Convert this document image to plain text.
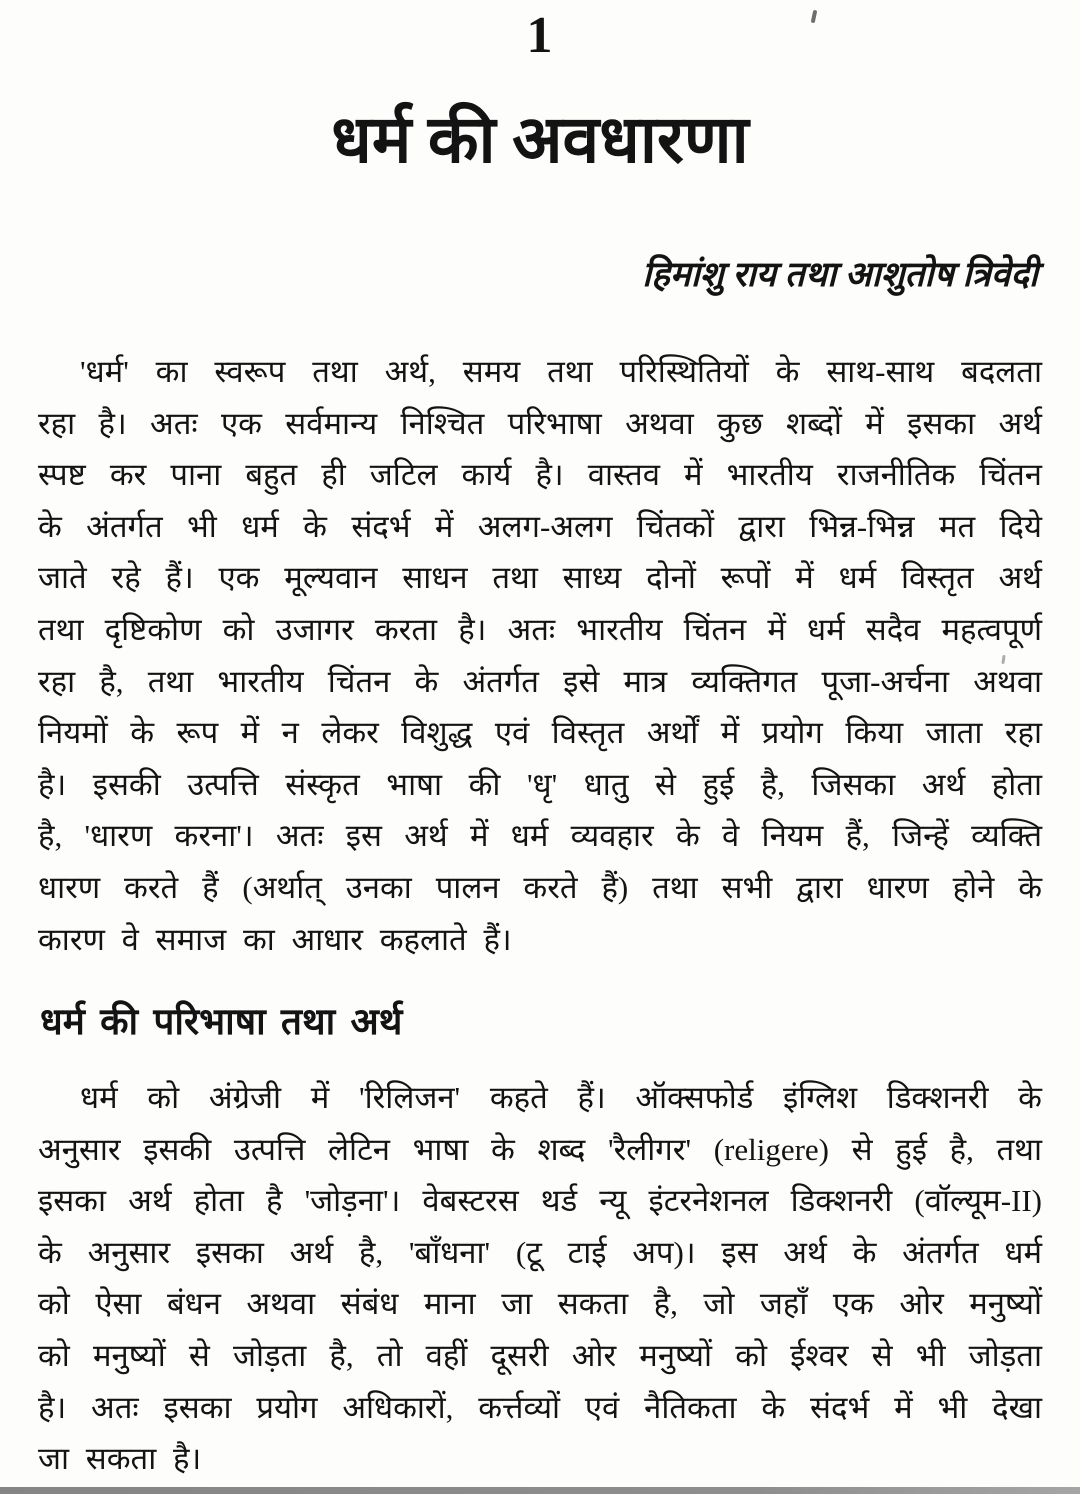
1
धर्म की अवधारणा
हिमांशु राय तथा आशुतोष त्रिवेदी
'धर्म' का स्वरूप तथा अर्थ, समय तथा परिस्थितियों के साथ-साथ बदलता
रहा है। अतः एक सर्वमान्य निश्चित परिभाषा अथवा कुछ शब्दों में इसका अर्थ
स्पष्ट कर पाना बहुत ही जटिल कार्य है। वास्तव में भारतीय राजनीतिक चिंतन
के अंतर्गत भी धर्म के संदर्भ में अलग-अलग चिंतकों द्वारा भिन्न-भिन्न मत दिये
जाते रहे हैं। एक मूल्यवान साधन तथा साध्य दोनों रूपों में धर्म विस्तृत अर्थ
तथा दृष्टिकोण को उजागर करता है। अतः भारतीय चिंतन में धर्म सदैव महत्वपूर्ण
रहा है, तथा भारतीय चिंतन के अंतर्गत इसे मात्र व्यक्तिगत पूजा-अर्चना अथवा
नियमों के रूप में न लेकर विशुद्ध एवं विस्तृत अर्थों में प्रयोग किया जाता रहा
है। इसकी उत्पत्ति संस्कृत भाषा की 'धृ' धातु से हुई है, जिसका अर्थ होता
है, 'धारण करना'। अतः इस अर्थ में धर्म व्यवहार के वे नियम हैं, जिन्हें व्यक्ति
धारण करते हैं (अर्थात् उनका पालन करते हैं) तथा सभी द्वारा धारण होने के
कारण वे समाज का आधार कहलाते हैं।
धर्म की परिभाषा तथा अर्थ
धर्म को अंग्रेजी में 'रिलिजन' कहते हैं। ऑक्सफोर्ड इंग्लिश डिक्शनरी के
अनुसार इसकी उत्पत्ति लेटिन भाषा के शब्द 'रैलीगर' (religere) से हुई है, तथा
इसका अर्थ होता है 'जोड़ना'। वेबस्टरस थर्ड न्यू इंटरनेशनल डिक्शनरी (वॉल्यूम-II)
के अनुसार इसका अर्थ है, 'बाँधना' (टू टाई अप)। इस अर्थ के अंतर्गत धर्म
को ऐसा बंधन अथवा संबंध माना जा सकता है, जो जहाँ एक ओर मनुष्यों
को मनुष्यों से जोड़ता है, तो वहीं दूसरी ओर मनुष्यों को ईश्वर से भी जोड़ता
है। अतः इसका प्रयोग अधिकारों, कर्त्तव्यों एवं नैतिकता के संदर्भ में भी देखा
जा सकता है।
